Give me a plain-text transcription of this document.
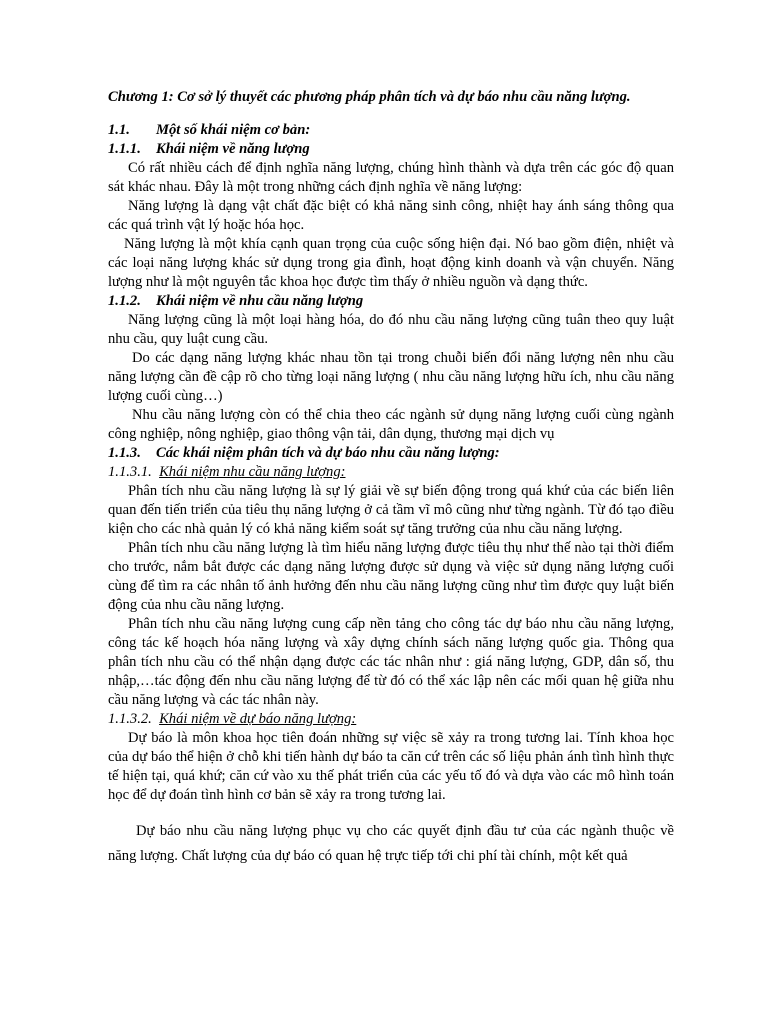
Chương 1: Cơ sở lý thuyết các phương pháp phân tích và dự báo nhu cầu năng lượng.

1.1. Một số khái niệm cơ bản:

1.1.1. Khái niệm về năng lượng

Có rất nhiều cách để định nghĩa năng lượng, chúng hình thành và dựa trên các góc độ quan sát khác nhau. Đây là một trong những cách định nghĩa về năng lượng:

Năng lượng là dạng vật chất đặc biệt có khả năng sinh công, nhiệt hay ánh sáng thông qua các quá trình vật lý hoặc hóa học.

Năng lượng là một khía cạnh quan trọng của cuộc sống hiện đại. Nó bao gồm điện, nhiệt và các loại năng lượng khác sử dụng trong gia đình, hoạt động kinh doanh và vận chuyển. Năng lượng như là một nguyên tắc khoa học được tìm thấy ở nhiều nguồn và dạng thức.

1.1.2. Khái niệm về nhu cầu năng lượng

Năng lượng cũng là một loại hàng hóa, do đó nhu cầu năng lượng cũng tuân theo quy luật nhu cầu, quy luật cung cầu.

Do các dạng năng lượng khác nhau tồn tại trong chuỗi biến đổi năng lượng nên nhu cầu năng lượng cần đề cập rõ cho từng loại năng lượng ( nhu cầu năng lượng hữu ích, nhu cầu năng lượng cuối cùng…)

Nhu cầu năng lượng còn có thể chia theo các ngành sử dụng năng lượng cuối cùng ngành công nghiệp, nông nghiệp, giao thông vận tải, dân dụng, thương mại dịch vụ

1.1.3. Các khái niệm phân tích và dự báo nhu cầu năng lượng:

1.1.3.1. Khái niệm nhu cầu năng lượng:

Phân tích nhu cầu năng lượng là sự lý giải về sự biến động trong quá khứ của các biến liên quan đến tiến triển của tiêu thụ năng lượng ở cả tầm vĩ mô cũng như từng ngành. Từ đó tạo điều kiện cho các nhà quản lý có khả năng kiểm soát sự tăng trưởng của nhu cầu năng lượng.

Phân tích nhu cầu năng lượng là tìm hiểu năng lượng được tiêu thụ như thế nào tại thời điểm cho trước, nắm bắt được các dạng năng lượng được sử dụng và việc sử dụng năng lượng cuối cùng để tìm ra các nhân tố ảnh hưởng đến nhu cầu năng lượng cũng như tìm được quy luật biến động của nhu cầu năng lượng.

Phân tích nhu cầu năng lượng cung cấp nền tảng cho công tác dự báo nhu cầu năng lượng, công tác kế hoạch hóa năng lượng và xây dựng chính sách năng lượng quốc gia. Thông qua phân tích nhu cầu có thể nhận dạng được các tác nhân như : giá năng lượng, GDP, dân số, thu nhập,…tác động đến nhu cầu năng lượng để từ đó có thể xác lập nên các mối quan hệ giữa nhu cầu năng lượng và các tác nhân này.

1.1.3.2. Khái niệm về dự báo năng lượng:

Dự báo là môn khoa học tiên đoán những sự việc sẽ xảy ra trong tương lai. Tính khoa học của dự báo thể hiện ở chỗ khi tiến hành dự báo ta căn cứ trên các số liệu phản ánh tình hình thực tế hiện tại, quá khứ; căn cứ vào xu thế phát triển của các yếu tố đó và dựa vào các mô hình toán học để dự đoán tình hình cơ bản sẽ xảy ra trong tương lai.

Dự báo nhu cầu năng lượng phục vụ cho các quyết định đầu tư của các ngành thuộc về năng lượng. Chất lượng của dự báo có quan hệ trực tiếp tới chi phí tài chính, một kết quả
